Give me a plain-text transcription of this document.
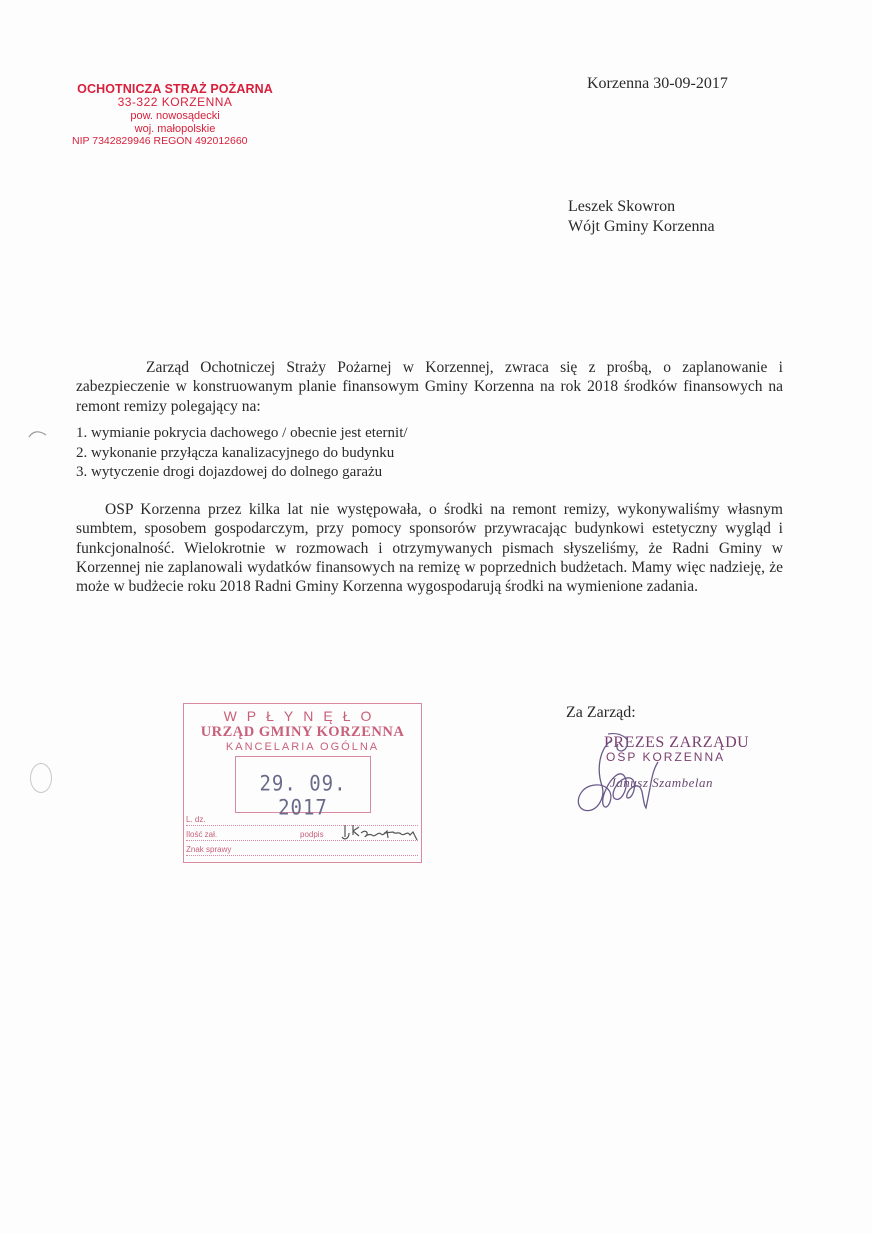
OCHOTNICZA STRAŻ POŻARNA
33-322 KORZENNA
pow. nowosądecki
woj. małopolskie
NIP 7342829946 REGON 492012660
Korzenna 30-09-2017
Leszek Skowron
Wójt Gminy Korzenna
Zarząd Ochotniczej Straży Pożarnej w Korzennej, zwraca się z prośbą, o zaplanowanie i zabezpieczenie w konstruowanym planie finansowym Gminy Korzenna na rok 2018 środków finansowych na remont remizy polegający na:
1. wymianie pokrycia dachowego / obecnie jest eternit/
2. wykonanie przyłącza kanalizacyjnego do budynku
3. wytyczenie drogi dojazdowej do dolnego garażu
OSP Korzenna przez kilka lat nie występowała, o środki na remont remizy, wykonywaliśmy własnym sumbtem, sposobem gospodarczym, przy pomocy sponsorów przywracając budynkowi estetyczny wygląd i funkcjonalność. Wielokrotnie w rozmowach i otrzymywanych pismach słyszeliśmy, że Radni Gminy w Korzennej nie zaplanowali wydatków finansowych na remizę w poprzednich budżetach. Mamy więc nadzieję, że może w budżecie roku 2018 Radni Gminy Korzenna wygospodarują środki na wymienione zadania.
Za Zarząd:
WPŁYNĘŁO
URZĄD GMINY KORZENNA
KANCELARIA OGÓLNA
29. 09. 2017
L. dz.
Ilość zał.	podpis
Znak sprawy
PREZES ZARZĄDU
OSP KORZENNA
Janusz Szambelan
